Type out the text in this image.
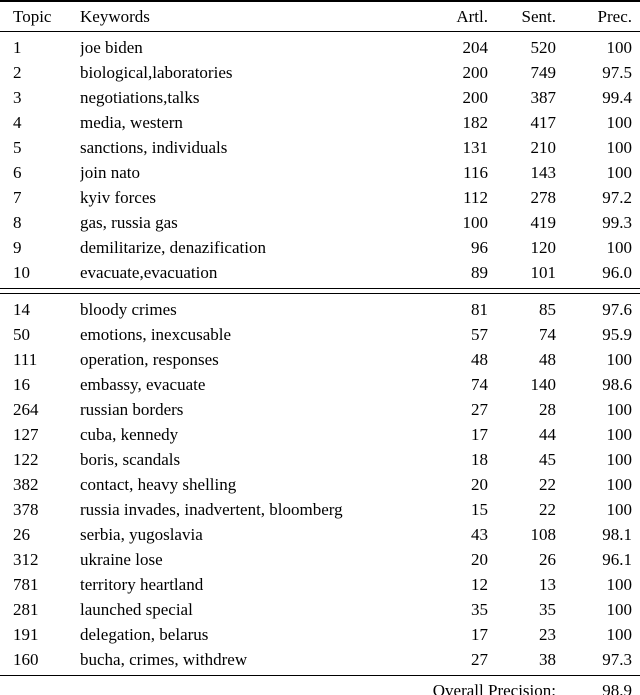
Topic	Keywords	Artl.	Sent.	Prec.
1	joe biden	204	520	100
2	biological,laboratories	200	749	97.5
3	negotiations,talks	200	387	99.4
4	media, western	182	417	100
5	sanctions, individuals	131	210	100
6	join nato	116	143	100
7	kyiv forces	112	278	97.2
8	gas, russia gas	100	419	99.3
9	demilitarize, denazification	96	120	100
10	evacuate,evacuation	89	101	96.0

14	bloody crimes	81	85	97.6
50	emotions, inexcusable	57	74	95.9
111	operation, responses	48	48	100
16	embassy, evacuate	74	140	98.6
264	russian borders	27	28	100
127	cuba, kennedy	17	44	100
122	boris, scandals	18	45	100
382	contact, heavy shelling	20	22	100
378	russia invades, inadvertent, bloomberg	15	22	100
26	serbia, yugoslavia	43	108	98.1
312	ukraine lose	20	26	96.1
781	territory heartland	12	13	100
281	launched special	35	35	100
191	delegation, belarus	17	23	100
160	bucha, crimes, withdrew	27	38	97.3
Overall Precision:				98.9
